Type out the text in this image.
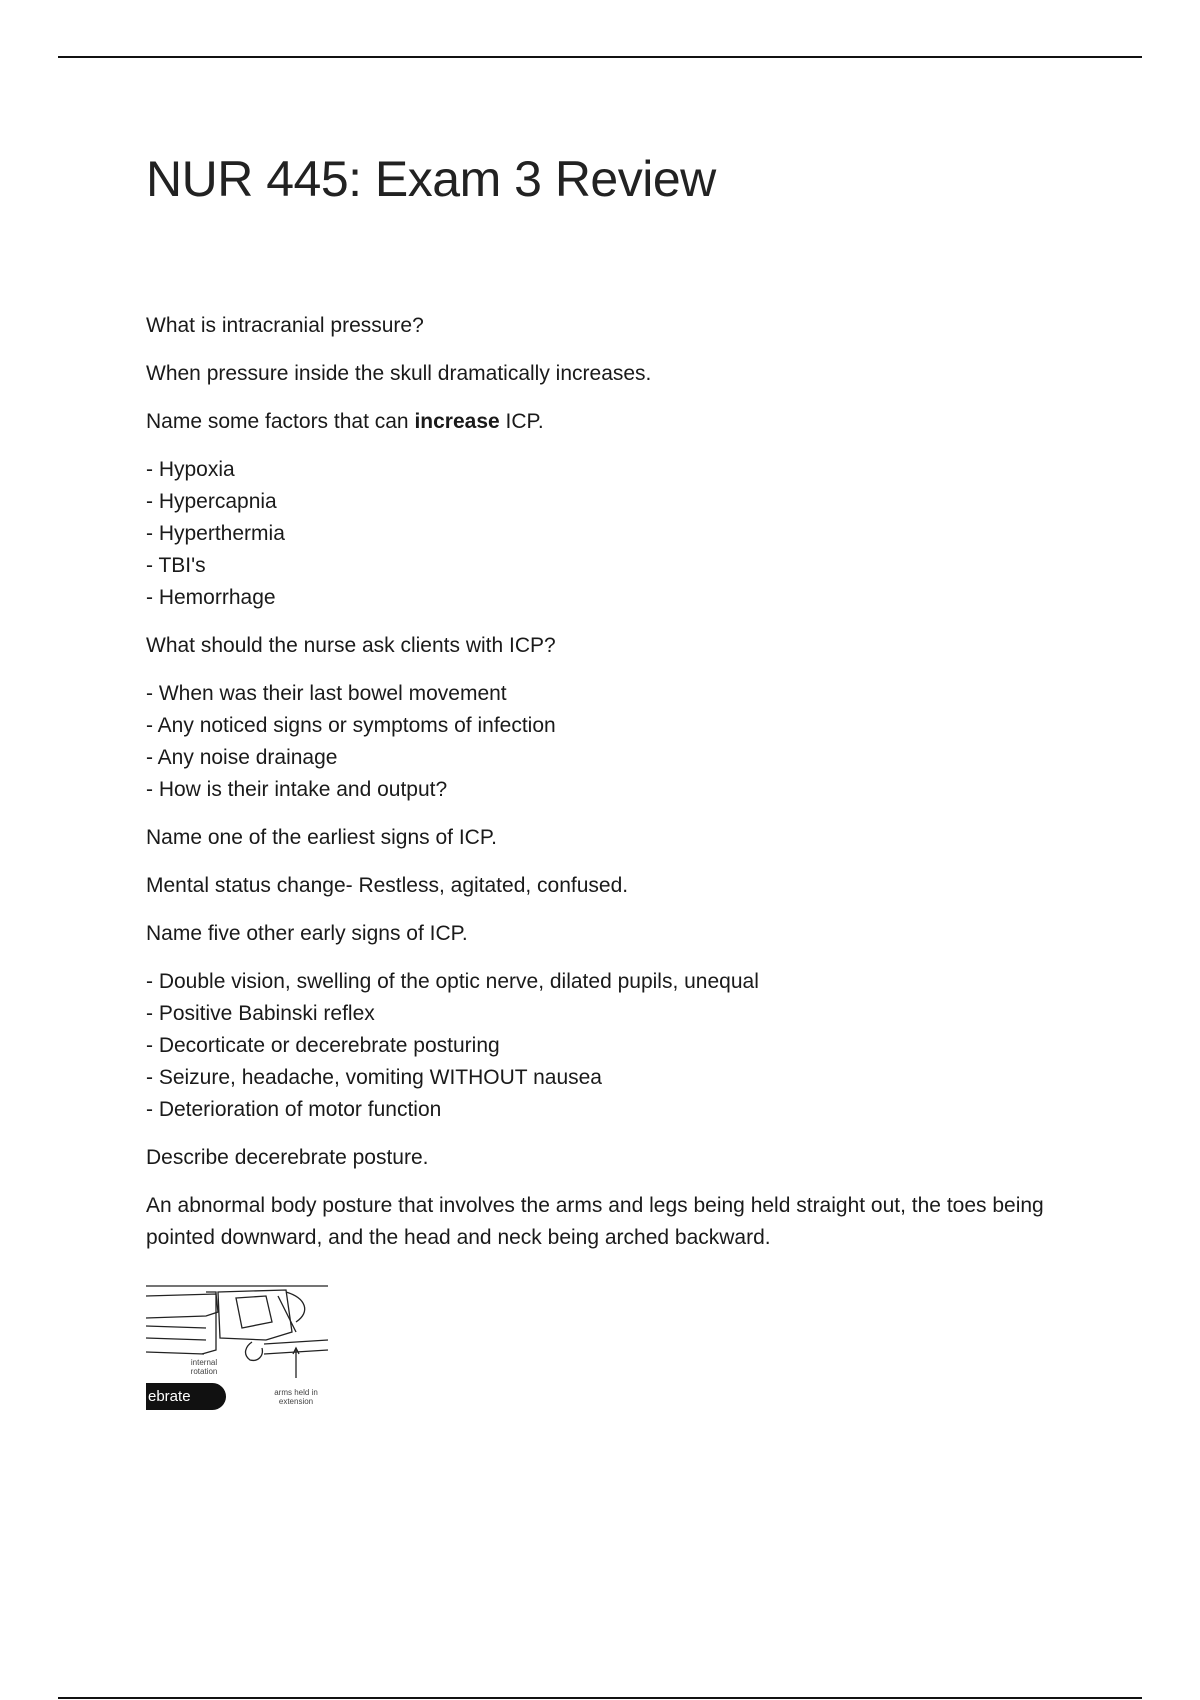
NUR 445: Exam 3 Review

What is intracranial pressure?

When pressure inside the skull dramatically increases.

Name some factors that can increase ICP.

- Hypoxia
- Hypercapnia
- Hyperthermia
- TBI's
- Hemorrhage

What should the nurse ask clients with ICP?

- When was their last bowel movement
- Any noticed signs or symptoms of infection
- Any noise drainage
- How is their intake and output?

Name one of the earliest signs of ICP.

Mental status change- Restless, agitated, confused.

Name five other early signs of ICP.

- Double vision, swelling of the optic nerve, dilated pupils, unequal
- Positive Babinski reflex
- Decorticate or decerebrate posturing
- Seizure, headache, vomiting WITHOUT nausea
- Deterioration of motor function

Describe decerebrate posture.

An abnormal body posture that involves the arms and legs being held straight out, the toes being pointed downward, and the head and neck being arched backward.

internal rotation
ebrate	arms held in extension
